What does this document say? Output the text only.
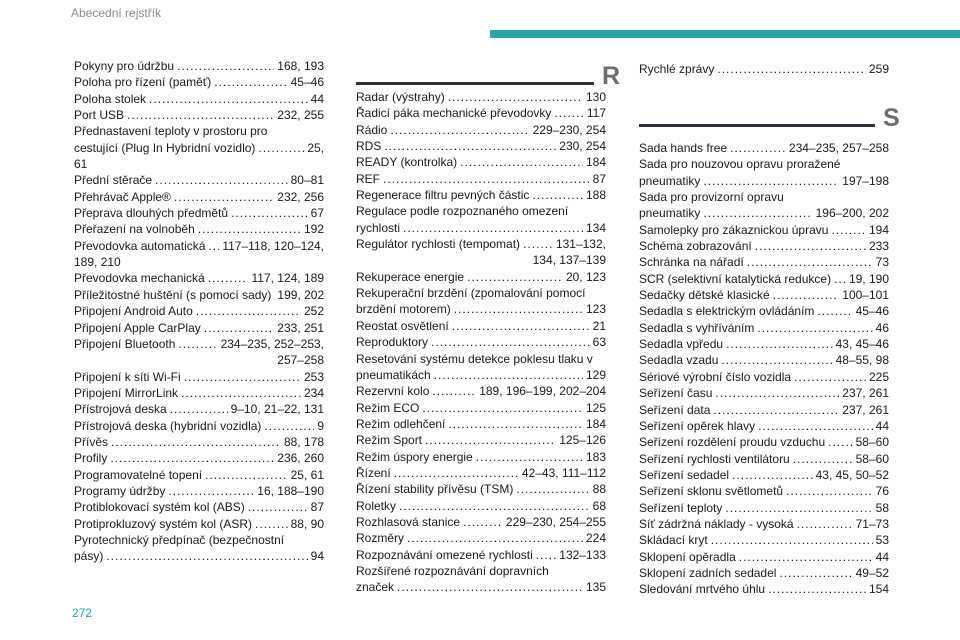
Abecední rejstřík
Pokyny pro údržbu .....	168, 193
Poloha pro řízení (paměť) .....	45–46
Poloha stolek .....	44
Port USB .....	232, 255
Přednastavení teploty v prostoru pro
cestující (Plug In Hybridní vozidlo) .....	25,
61
Přední stěrače .....	80–81
Přehrávač Apple® .....	232, 256
Přeprava dlouhých předmětů .....	67
Přeřazení na volnoběh .....	192
Převodovka automatická ..... 117–118, 120–124,
189, 210
Převodovka mechanická .....	117, 124, 189
Příležitostné huštění (s pomocí sady) 199, 202
Připojení Android Auto .....	252
Připojení Apple CarPlay .....	233, 251
Připojení Bluetooth .....	234–235, 252–253,
257–258
Připojení k síti Wi-Fi .....	253
Připojení MirrorLink .....	234
Přístrojová deska .....	9–10, 21–22, 131
Přístrojová deska (hybridní vozidla) .....	9
Přívěs .....	88, 178
Profily .....	236, 260
Programovatelné topení .....	25, 61
Programy údržby .....	16, 188–190
Protiblokovací systém kol (ABS) .....	87
Protiprokluzový systém kol (ASR) .....	88, 90
Pyrotechnický předpínač (bezpečnostní
pásy) .....	94
R
Radar (výstrahy) .....	130
Řadicí páka mechanické převodovky .....	117
Rádio .....	229–230, 254
RDS .....	230, 254
READY (kontrolka) .....	184
REF .....	87
Regenerace filtru pevných částic .....	188
Regulace podle rozpoznaného omezení
rychlosti .....	134
Regulátor rychlosti (tempomat) .....	131–132,
134, 137–139
Rekuperace energie .....	20, 123
Rekuperační brzdění (zpomalování pomocí
brzdění motorem) .....	123
Reostat osvětlení .....	21
Reproduktory .....	63
Resetování systému detekce poklesu tlaku v
pneumatikách .....	129
Rezervní kolo .....	189, 196–199, 202–204
Režim ECO .....	125
Režim odlehčení .....	184
Režim Sport .....	125–126
Režim úspory energie .....	183
Řízení .....	42–43, 111–112
Řízení stability přívěsu (TSM) .....	88
Roletky .....	68
Rozhlasová stanice .....	229–230, 254–255
Rozměry .....	224
Rozpoznávání omezené rychlosti ..... 132–133
Rozšířené rozpoznávání dopravních
značek .....	135
Rychlé zprávy .....	259
S
Sada hands free .....	234–235, 257–258
Sada pro nouzovou opravu proražené
pneumatiky .....	197–198
Sada pro provizorní opravu
pneumatiky .....	196–200, 202
Samolepky pro zákaznickou úpravu .....	194
Schéma zobrazování .....	233
Schránka na nářadí .....	73
SCR (selektivní katalytická redukce) ..... 19, 190
Sedačky dětské klasické .....	100–101
Sedadla s elektrickým ovládáním .....	45–46
Sedadla s vyhříváním .....	46
Sedadla vpředu .....	43, 45–46
Sedadla vzadu .....	48–55, 98
Sériové výrobní číslo vozidla .....	225
Seřízení času .....	237, 261
Seřízení data .....	237, 261
Seřízení opěrek hlavy .....	44
Seřízení rozdělení proudu vzduchu .....	58–60
Seřízení rychlosti ventilátoru .....	58–60
Seřízení sedadel .....	43, 45, 50–52
Seřízení sklonu světlometů .....	76
Seřízení teploty .....	58
Síť zádržná náklady - vysoká .....	71–73
Skládací kryt .....	53
Sklopení opěradla .....	44
Sklopení zadních sedadel .....	49–52
Sledování mrtvého úhlu .....	154
272
